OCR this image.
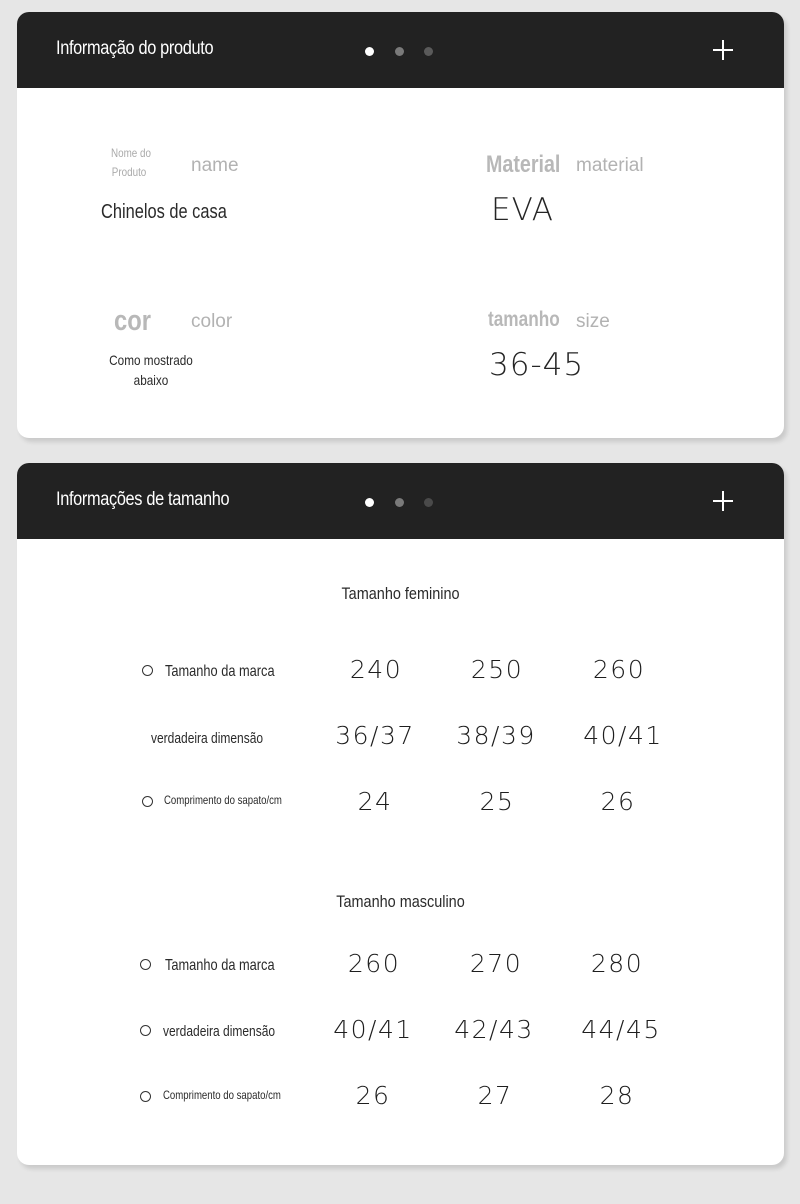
Informação do produto
Nome do
Produto name
Chinelos de casa
Material material
EVA
cor color
Como mostrado
abaixo
tamanho size
36-45
Informações de tamanho
Tamanho feminino
Tamanho da marca	240	250	260
verdadeira dimensão	36/37	38/39	40/41
Comprimento do sapato/cm	24	25	26
Tamanho masculino
Tamanho da marca	260	270	280
verdadeira dimensão	40/41	42/43	44/45
Comprimento do sapato/cm	26	27	28
